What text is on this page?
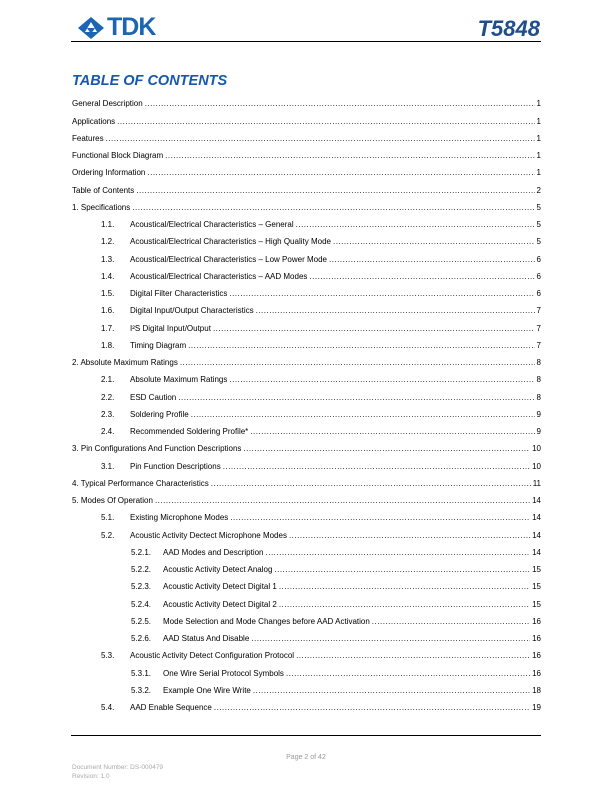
TDK	T5848
TABLE OF CONTENTS
General Description .....	1
Applications .....	1
Features .....	1
Functional Block Diagram .....	1
Ordering Information .....	1
Table of Contents .....	2
1. Specifications .....	5
1.1.	Acoustical/Electrical Characteristics – General .....	5
1.2.	Acoustical/Electrical Characteristics – High Quality Mode .....	5
1.3.	Acoustical/Electrical Characteristics – Low Power Mode .....	6
1.4.	Acoustical/Electrical Characteristics – AAD Modes .....	6
1.5.	Digital Filter Characteristics .....	6
1.6.	Digital Input/Output Characteristics .....	7
1.7.	I²S Digital Input/Output .....	7
1.8.	Timing Diagram .....	7
2. Absolute Maximum Ratings .....	8
2.1.	Absolute Maximum Ratings .....	8
2.2.	ESD Caution .....	8
2.3.	Soldering Profile .....	9
2.4.	Recommended Soldering Profile* .....	9
3. Pin Configurations And Function Descriptions .....	10
3.1.	Pin Function Descriptions .....	10
4. Typical Performance Characteristics .....	11
5. Modes Of Operation .....	14
5.1.	Existing Microphone Modes .....	14
5.2.	Acoustic Activity Dectect Microphone Modes .....	14
5.2.1.	AAD Modes and Description .....	14
5.2.2.	Acoustic Activity Detect Analog .....	15
5.2.3.	Acoustic Activity Detect Digital 1 .....	15
5.2.4.	Acoustic Activity Detect Digital 2 .....	15
5.2.5.	Mode Selection and Mode Changes before AAD Activation .....	16
5.2.6.	AAD Status And Disable .....	16
5.3.	Acoustic Activity Detect Configuration Protocol .....	16
5.3.1.	One Wire Serial Protocol Symbols .....	16
5.3.2.	Example One Wire Write .....	18
5.4.	AAD Enable Sequence .....	19
Page 2 of 42
Document Number: DS-000479
Revision: 1.0
